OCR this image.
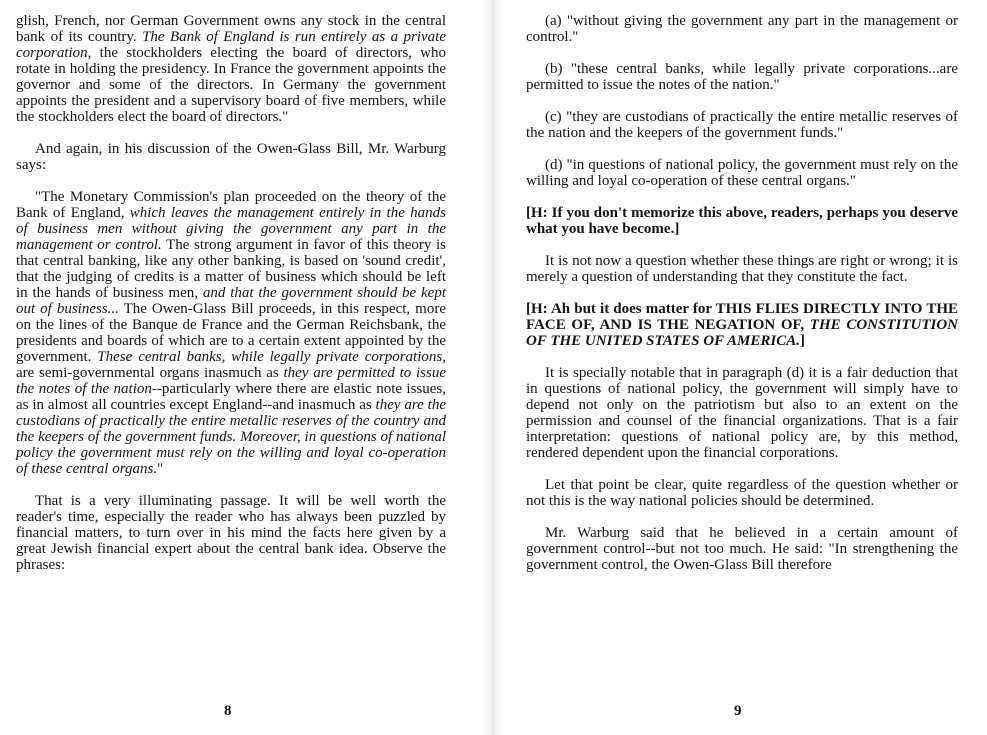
glish, French, nor German Government owns any stock in the central bank of its country. The Bank of England is run entirely as a private corporation, the stockholders electing the board of directors, who rotate in holding the presidency. In France the government appoints the governor and some of the directors. In Germany the government appoints the president and a supervisory board of five members, while the stockholders elect the board of directors."

And again, in his discussion of the Owen-Glass Bill, Mr. Warburg says:

"The Monetary Commission's plan proceeded on the theory of the Bank of England, which leaves the management entirely in the hands of business men without giving the government any part in the management or control. The strong argument in favor of this theory is that central banking, like any other banking, is based on 'sound credit', that the judging of credits is a matter of business which should be left in the hands of business men, and that the government should be kept out of business... The Owen-Glass Bill proceeds, in this respect, more on the lines of the Banque de France and the German Reichsbank, the presidents and boards of which are to a certain extent appointed by the government. These central banks, while legally private corporations, are semi-governmental organs inasmuch as they are permitted to issue the notes of the nation--particularly where there are elastic note issues, as in almost all countries except England--and inasmuch as they are the custodians of practically the entire metallic reserves of the country and the keepers of the government funds. Moreover, in questions of national policy the government must rely on the willing and loyal co-operation of these central organs."

That is a very illuminating passage. It will be well worth the reader's time, especially the reader who has always been puzzled by financial matters, to turn over in his mind the facts here given by a great Jewish financial expert about the central bank idea. Observe the phrases:

8

(a) "without giving the government any part in the management or control."

(b) "these central banks, while legally private corporations...are permitted to issue the notes of the nation."

(c) "they are custodians of practically the entire metallic reserves of the nation and the keepers of the government funds."

(d) "in questions of national policy, the government must rely on the willing and loyal co-operation of these central organs."

[H: If you don't memorize this above, readers, perhaps you deserve what you have become.]

It is not now a question whether these things are right or wrong; it is merely a question of understanding that they constitute the fact.

[H: Ah but it does matter for THIS FLIES DIRECTLY INTO THE FACE OF, AND IS THE NEGATION OF, THE CONSTITUTION OF THE UNITED STATES OF AMERICA.]

It is specially notable that in paragraph (d) it is a fair deduction that in questions of national policy, the government will simply have to depend not only on the patriotism but also to an extent on the permission and counsel of the financial organizations. That is a fair interpretation: questions of national policy are, by this method, rendered dependent upon the financial corporations.

Let that point be clear, quite regardless of the question whether or not this is the way national policies should be determined.

Mr. Warburg said that he believed in a certain amount of government control--but not too much. He said: "In strengthening the government control, the Owen-Glass Bill therefore

9
